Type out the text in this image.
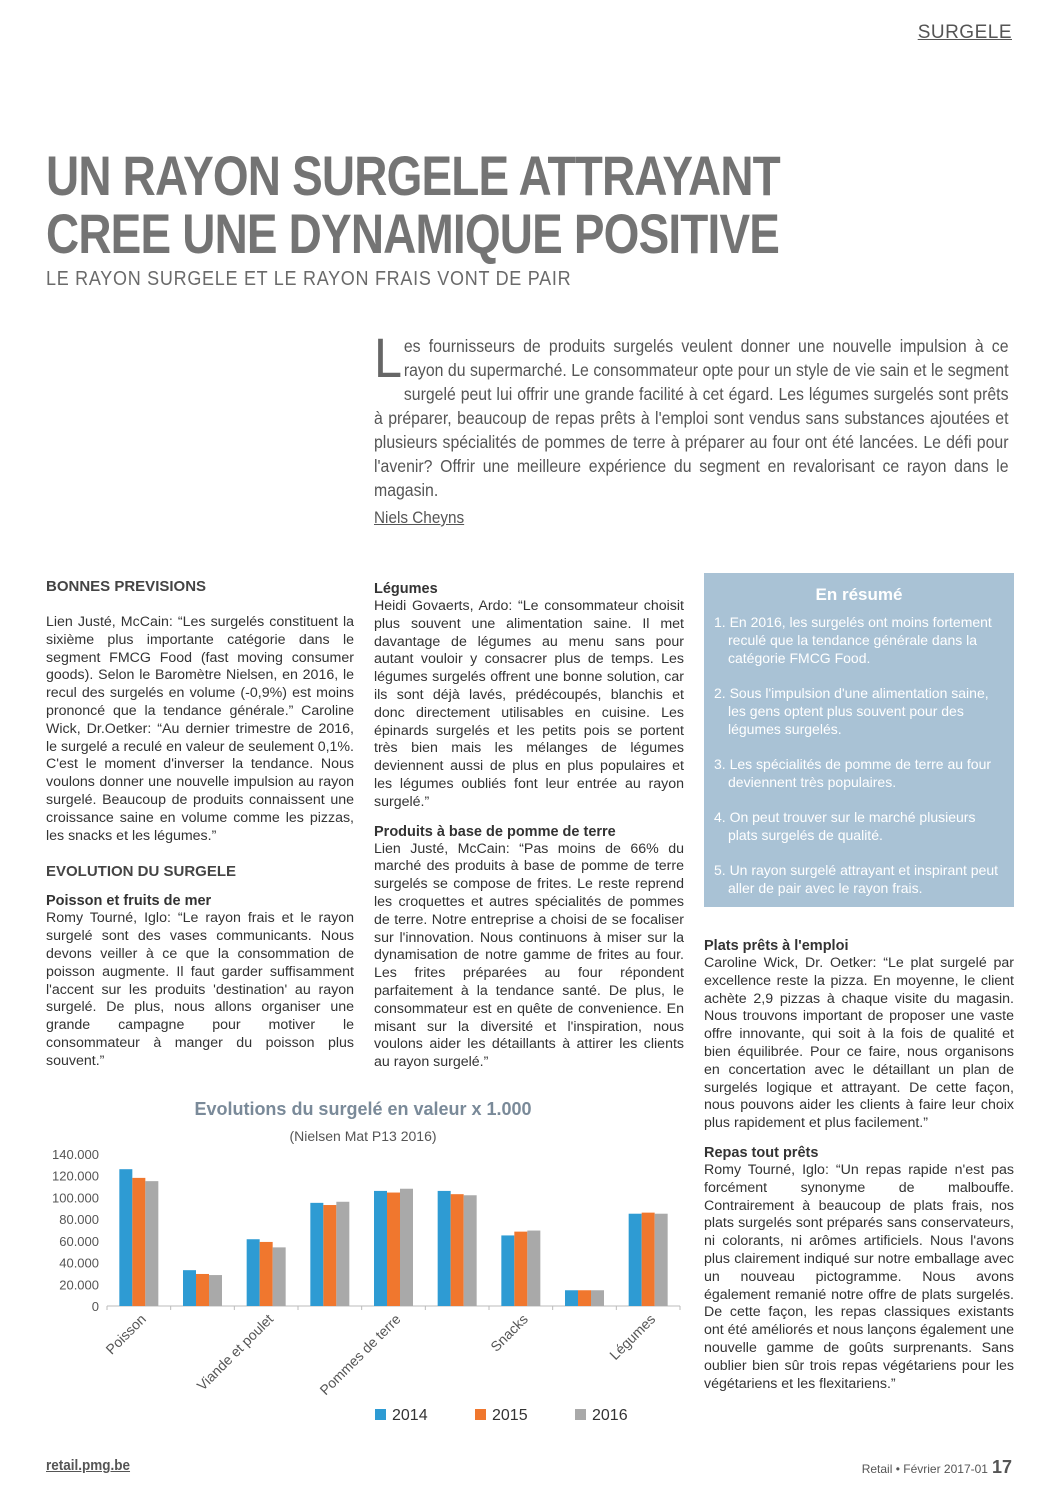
SURGELE
UN RAYON SURGELE ATTRAYANT
CREE UNE DYNAMIQUE POSITIVE
LE RAYON SURGELE ET LE RAYON FRAIS VONT DE PAIR
Les fournisseurs de produits surgelés veulent donner une nouvelle impulsion à ce rayon du supermarché. Le consommateur opte pour un style de vie sain et le segment surgelé peut lui offrir une grande facilité à cet égard. Les légumes surgelés sont prêts à préparer, beaucoup de repas prêts à l'emploi sont vendus sans substances ajoutées et plusieurs spécialités de pommes de terre à préparer au four ont été lancées. Le défi pour l'avenir? Offrir une meilleure expérience du segment en revalorisant ce rayon dans le magasin.
Niels Cheyns
BONNES PREVISIONS

Lien Justé, McCain: “Les surgelés constituent la sixième plus importante catégorie dans le segment FMCG Food (fast moving consumer goods). Selon le Baromètre Nielsen, en 2016, le recul des surgelés en volume (-0,9%) est moins prononcé que la tendance générale.” Caroline Wick, Dr.Oetker: “Au dernier trimestre de 2016, le surgelé a reculé en valeur de seulement 0,1%. C'est le moment d'inverser la tendance. Nous voulons donner une nouvelle impulsion au rayon surgelé. Beaucoup de produits connaissent une croissance saine en volume comme les pizzas, les snacks et les légumes.”

EVOLUTION DU SURGELE
Poisson et fruits de mer

Romy Tourné, Iglo: “Le rayon frais et le rayon surgelé sont des vases communicants. Nous devons veiller à ce que la consommation de poisson augmente. Il faut garder suffisamment l'accent sur les produits 'destination' au rayon surgelé. De plus, nous allons organiser une grande campagne pour motiver le consommateur à manger du poisson plus souvent.”

Légumes

Heidi Govaerts, Ardo: “Le consommateur choisit plus souvent une alimentation saine. Il met davantage de légumes au menu sans pour autant vouloir y consacrer plus de temps. Les légumes surgelés offrent une bonne solution, car ils sont déjà lavés, prédécoupés, blanchis et donc directement utilisables en cuisine. Les épinards surgelés et les petits pois se portent très bien mais les mélanges de légumes deviennent aussi de plus en plus populaires et les légumes oubliés font leur entrée au rayon surgelé.”

Produits à base de pomme de terre

Lien Justé, McCain: “Pas moins de 66% du marché des produits à base de pomme de terre surgelés se compose de frites. Le reste reprend les croquettes et autres spécialités de pommes de terre. Notre entreprise a choisi de se focaliser sur l'innovation. Nous continuons à miser sur la dynamisation de notre gamme de frites au four. Les frites préparées au four répondent parfaitement à la tendance santé. De plus, le consommateur est en quête de convenience. En misant sur la diversité et l'inspiration, nous voulons aider les détaillants à attirer les clients au rayon surgelé.”

En résumé
1. En 2016, les surgelés ont moins fortement reculé que la tendance générale dans la catégorie FMCG Food.
2. Sous l'impulsion d'une alimentation saine, les gens optent plus souvent pour des légumes surgelés.
3. Les spécialités de pomme de terre au four deviennent très populaires.
4. On peut trouver sur le marché plusieurs plats surgelés de qualité.
5. Un rayon surgelé attrayant et inspirant peut aller de pair avec le rayon frais.
Plats prêts à l'emploi

Caroline Wick, Dr. Oetker: “Le plat surgelé par excellence reste la pizza. En moyenne, le client achète 2,9 pizzas à chaque visite du magasin. Nous trouvons important de proposer une vaste offre innovante, qui soit à la fois de qualité et bien équilibrée. Pour ce faire, nous organisons en concertation avec le détaillant un plan de surgelés logique et attrayant. De cette façon, nous pouvons aider les clients à faire leur choix plus rapidement et plus facilement.”

Repas tout prêts

Romy Tourné, Iglo: “Un repas rapide n'est pas forcément synonyme de malbouffe. Contrairement à beaucoup de plats frais, nos plats surgelés sont préparés sans conservateurs, ni colorants, ni arômes artificiels. Nous l'avons plus clairement indiqué sur notre emballage avec un nouveau pictogramme. Nous avons également remanié notre offre de plats surgelés. De cette façon, les repas classiques existants ont été améliorés et nous lançons également une nouvelle gamme de goûts surprenants. Sans oublier bien sûr trois repas végétariens pour les végétariens et les flexitariens.”

Evolutions du surgelé en valeur x 1.000
(Nielsen Mat P13 2016)
140.000
120.000
100.000
80.000
60.000
40.000
20.000
0
Poisson	Viande et poulet	Pommes de terre	Snacks	Légumes
2014	2015	2016
retail.pmg.be	Retail • Février 2017-01 17
